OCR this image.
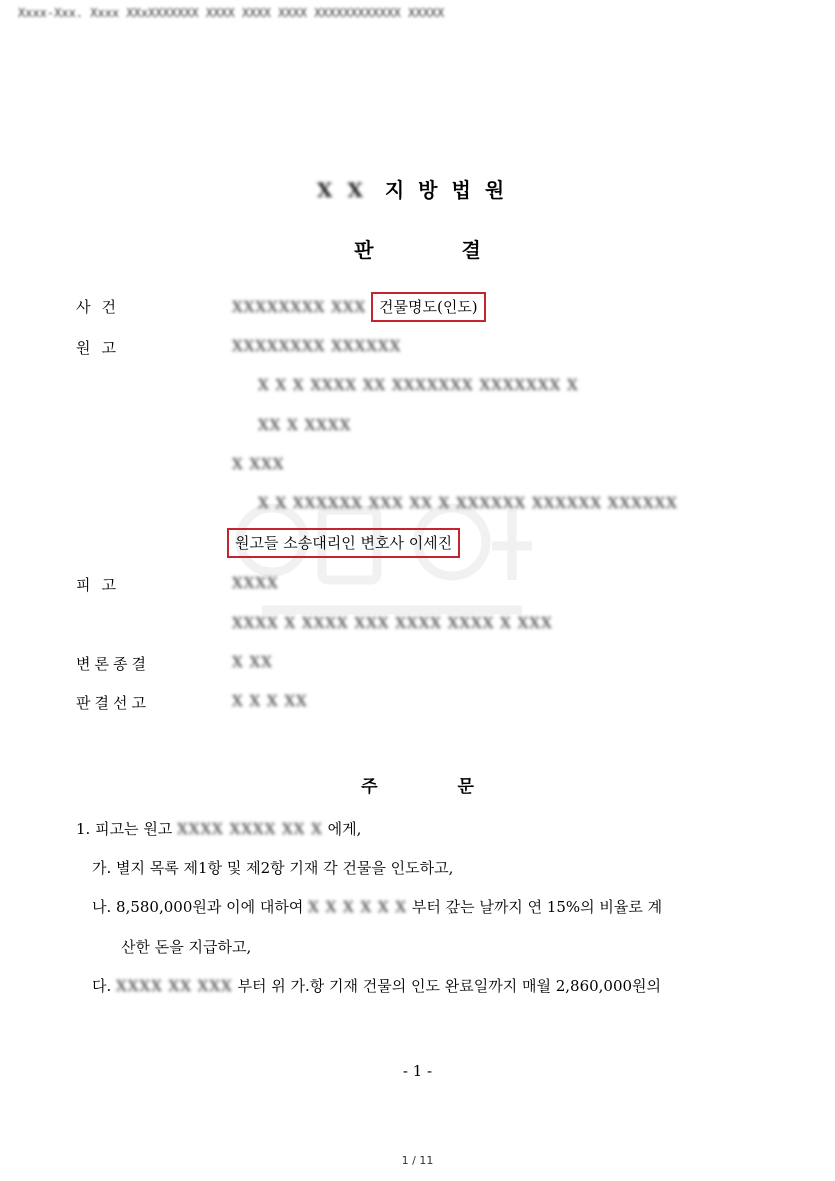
Xxxx-Xxx. Xxxx XXxXXXXXXX XXXX XXXX XXXX XXXXXXXXXXXX XXXXX
X X 지방법원
판	결
사건	XXXXXXXX XXX 건물명도(인도)
원고	XXXXXXXX XXXXXX
X X X XXXX XX XXXXXXX XXXXXXX X
XX X XXXX
X XXX
X X XXXXXX XXX XX X XXXXXX XXXXXX XXXXXX
원고들 소송대리인 변호사 이세진
피고	XXXX
XXXX X XXXX XXX XXXX XXXX X XXX
변론종결	X XX
판결선고	X X X XX
주	문
1. 피고는 원고 XXXX XXXX XX X 에게,
가. 별지 목록 제1항 및 제2항 기재 각 건물을 인도하고,
나. 8,580,000원과 이에 대하여 X X X X X X 부터 갚는 날까지 연 15%의 비율로 계
산한 돈을 지급하고,
다. XXXX XX XXX 부터 위 가.항 기재 건물의 인도 완료일까지 매월 2,860,000원의
- 1 -
1 / 11
